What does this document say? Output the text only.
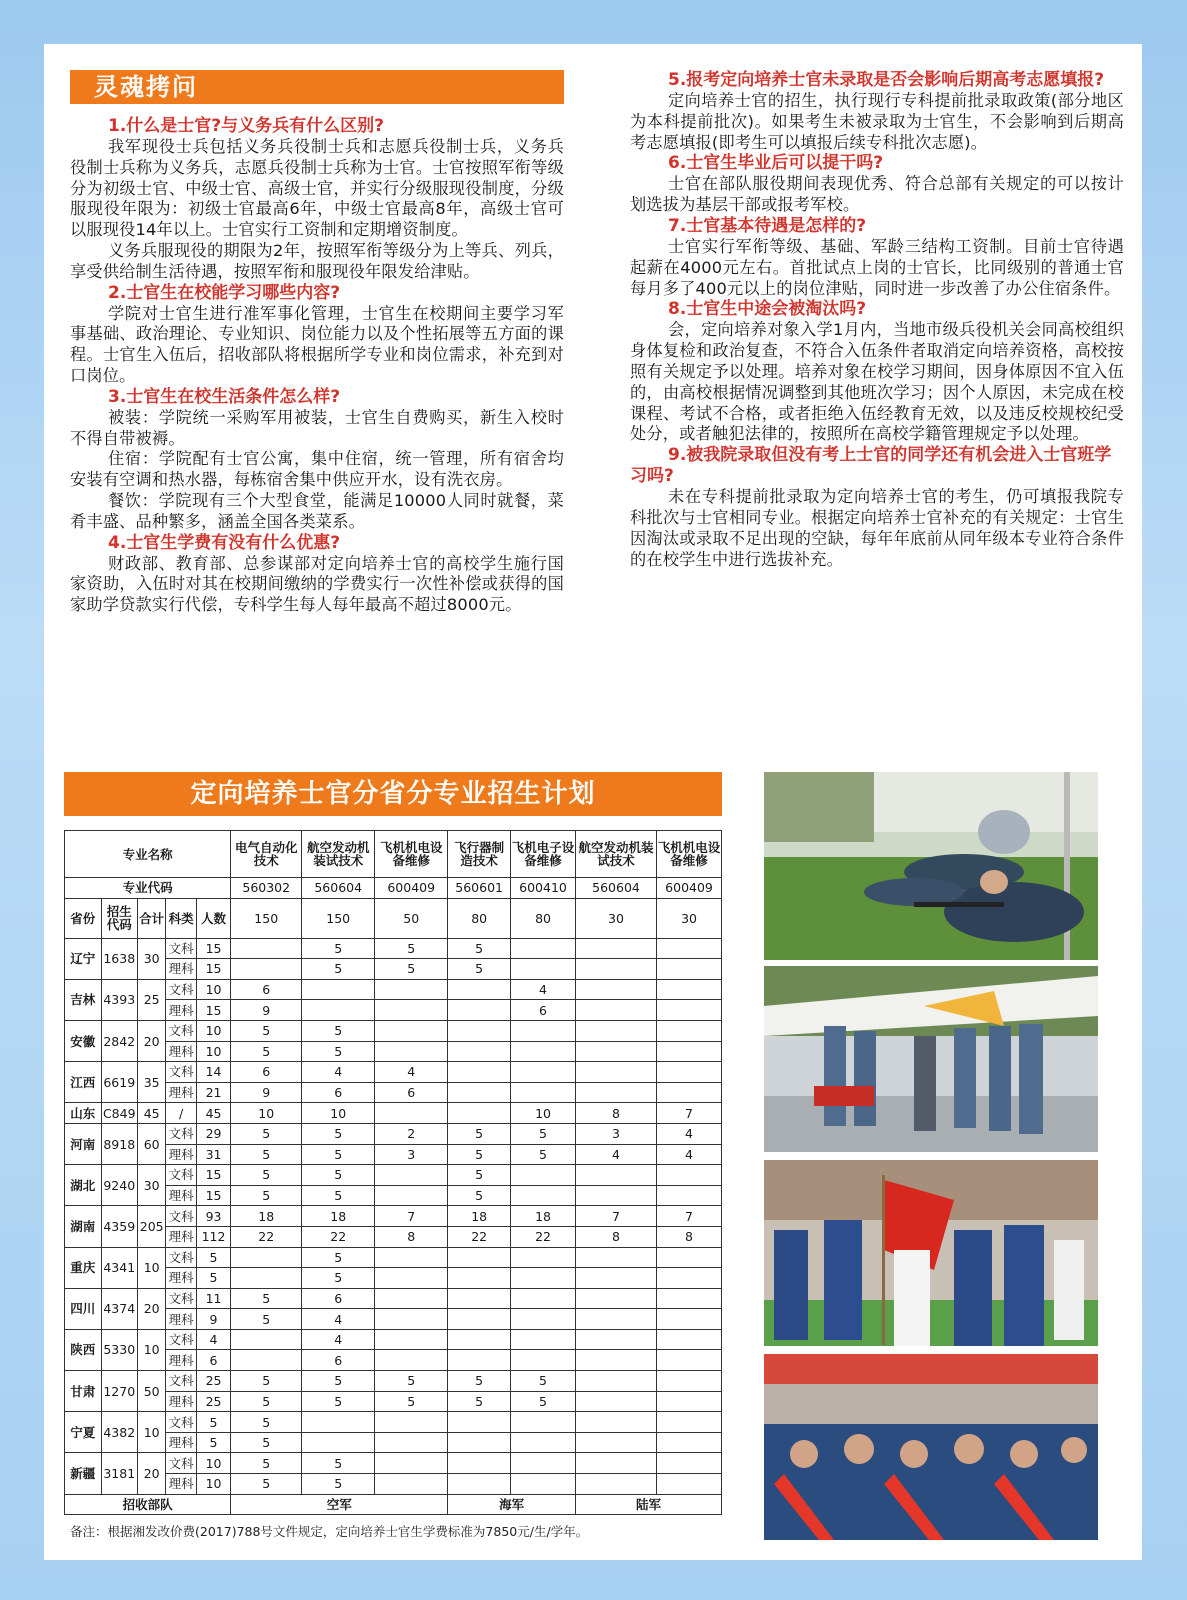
灵魂拷问

1.什么是士官?与义务兵有什么区别?

我军现役士兵包括义务兵役制士兵和志愿兵役制士兵，义务兵役制士兵称为义务兵，志愿兵役制士兵称为士官。士官按照军衔等级分为初级士官、中级士官、高级士官，并实行分级服现役制度，分级服现役年限为：初级士官最高6年，中级士官最高8年，高级士官可以服现役14年以上。士官实行工资制和定期增资制度。

义务兵服现役的期限为2年，按照军衔等级分为上等兵、列兵，享受供给制生活待遇，按照军衔和服现役年限发给津贴。

2.士官生在校能学习哪些内容?

学院对士官生进行准军事化管理，士官生在校期间主要学习军事基础、政治理论、专业知识、岗位能力以及个性拓展等五方面的课程。士官生入伍后，招收部队将根据所学专业和岗位需求，补充到对口岗位。

3.士官生在校生活条件怎么样?

被装：学院统一采购军用被装，士官生自费购买，新生入校时不得自带被褥。

住宿：学院配有士官公寓，集中住宿，统一管理，所有宿舍均安装有空调和热水器，每栋宿舍集中供应开水，设有洗衣房。

餐饮：学院现有三个大型食堂，能满足10000人同时就餐，菜肴丰盛、品种繁多，涵盖全国各类菜系。

4.士官生学费有没有什么优惠?

财政部、教育部、总参谋部对定向培养士官的高校学生施行国家资助，入伍时对其在校期间缴纳的学费实行一次性补偿或获得的国家助学贷款实行代偿，专科学生每人每年最高不超过8000元。

5.报考定向培养士官未录取是否会影响后期高考志愿填报?

定向培养士官的招生，执行现行专科提前批录取政策(部分地区为本科提前批次)。如果考生未被录取为士官生，不会影响到后期高考志愿填报(即考生可以填报后续专科批次志愿)。

6.士官生毕业后可以提干吗?

士官在部队服役期间表现优秀、符合总部有关规定的可以按计划选拔为基层干部或报考军校。

7.士官基本待遇是怎样的?

士官实行军衔等级、基础、军龄三结构工资制。目前士官待遇起薪在4000元左右。首批试点上岗的士官长，比同级别的普通士官每月多了400元以上的岗位津贴，同时进一步改善了办公住宿条件。

8.士官生中途会被淘汰吗?

会，定向培养对象入学1月内，当地市级兵役机关会同高校组织身体复检和政治复查，不符合入伍条件者取消定向培养资格，高校按照有关规定予以处理。培养对象在校学习期间，因身体原因不宜入伍的，由高校根据情况调整到其他班次学习；因个人原因，未完成在校课程、考试不合格，或者拒绝入伍经教育无效，以及违反校规校纪受处分，或者触犯法律的，按照所在高校学籍管理规定予以处理。

9.被我院录取但没有考上士官的同学还有机会进入士官班学习吗?

未在专科提前批录取为定向培养士官的考生，仍可填报我院专科批次与士官相同专业。根据定向培养士官补充的有关规定：士官生因淘汰或录取不足出现的空缺，每年年底前从同年级本专业符合条件的在校学生中进行选拔补充。

定向培养士官分省分专业招生计划
专业名称					电气自动化技术	航空发动机装试技术	飞机机电设备维修	飞行器制造技术	飞机电子设备维修	航空发动机装试技术	飞机机电设备维修
专业代码					560302	560604	600409	560601	600410	560604	600409
省份	招生代码	合计	科类	人数	150	150	50	80	80	30	30
辽宁	1638	30	文科	15		5	5	5			
			理科	15		5	5	5			
吉林	4393	25	文科	10	6				4		
			理科	15	9				6		
安徽	2842	20	文科	10	5	5					
			理科	10	5	5					
江西	6619	35	文科	14	6	4	4				
			理科	21	9	6	6				
山东	C849	45	/	45	10	10			10	8	7
河南	8918	60	文科	29	5	5	2	5	5	3	4
			理科	31	5	5	3	5	5	4	4
湖北	9240	30	文科	15	5	5		5			
			理科	15	5	5		5			
湖南	4359	205	文科	93	18	18	7	18	18	7	7
			理科	112	22	22	8	22	22	8	8
重庆	4341	10	文科	5		5					
			理科	5		5					
四川	4374	20	文科	11	5	6					
			理科	9	5	4					
陕西	5330	10	文科	4		4					
			理科	6		6					
甘肃	1270	50	文科	25	5	5	5	5	5		
			理科	25	5	5	5	5	5		
宁夏	4382	10	文科	5	5						
			理科	5	5						
新疆	3181	20	文科	10	5	5					
			理科	10	5	5					
招收部队					空军			海军		陆军	
备注：根据湘发改价费(2017)788号文件规定，定向培养士官生学费标准为7850元/生/学年。
